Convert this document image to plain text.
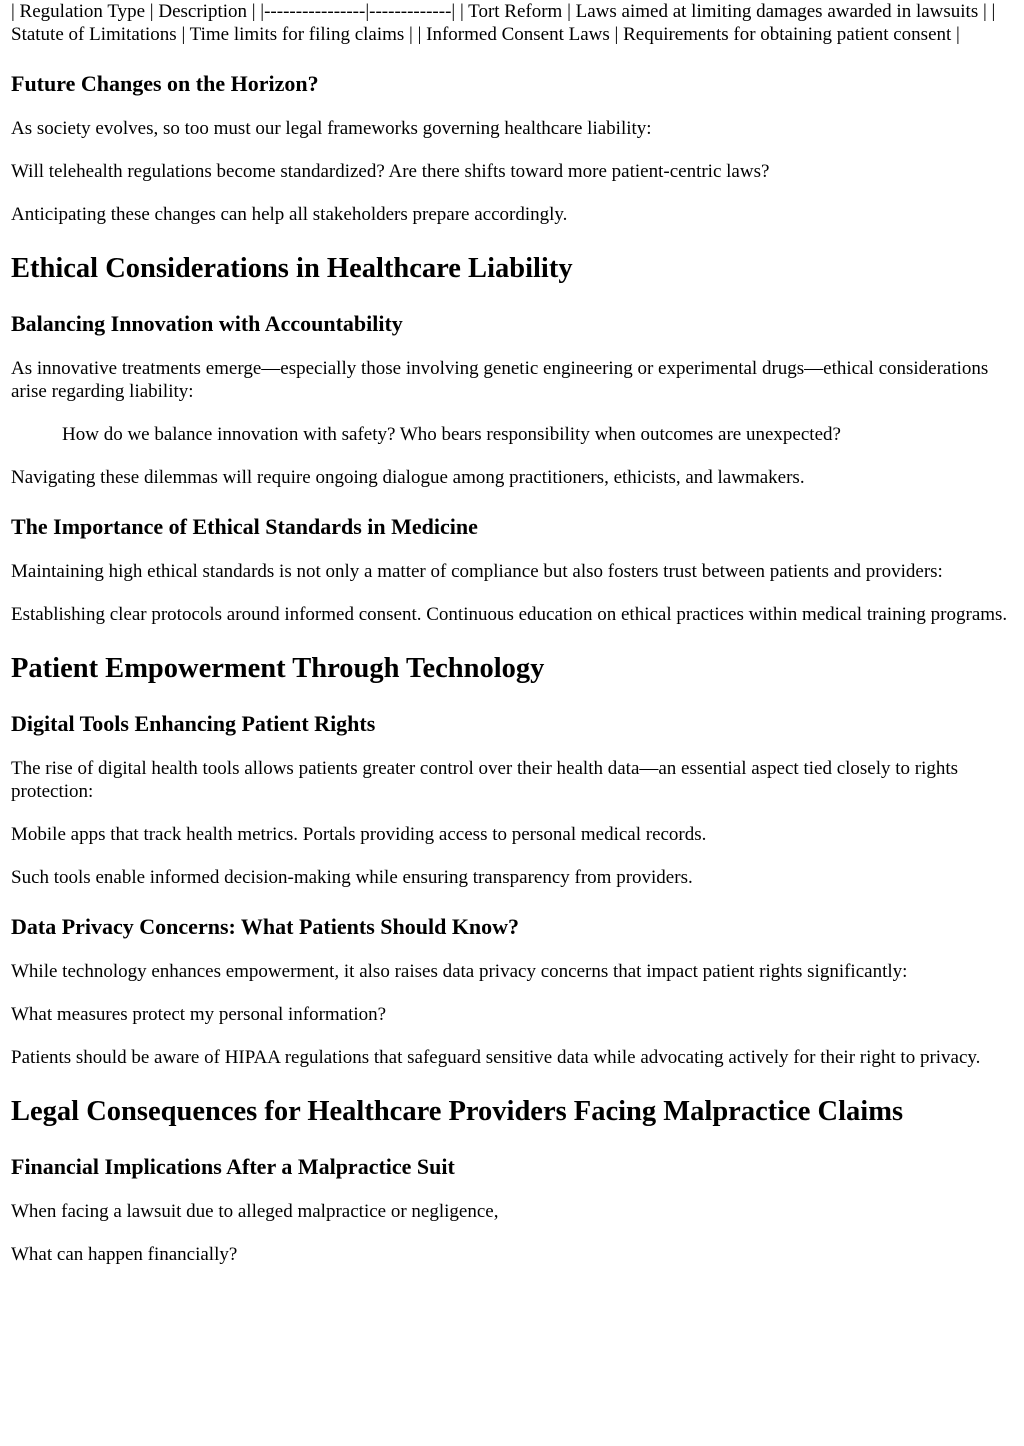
| Regulation Type | Description | |----------------|-------------| | Tort Reform | Laws aimed at limiting damages awarded in lawsuits | | Statute of Limitations | Time limits for filing claims | | Informed Consent Laws | Requirements for obtaining patient consent |

Future Changes on the Horizon?

As society evolves, so too must our legal frameworks governing healthcare liability:

Will telehealth regulations become standardized? Are there shifts toward more patient-centric laws?

Anticipating these changes can help all stakeholders prepare accordingly.

Ethical Considerations in Healthcare Liability
Balancing Innovation with Accountability

As innovative treatments emerge—especially those involving genetic engineering or experimental drugs—ethical considerations arise regarding liability:

How do we balance innovation with safety? Who bears responsibility when outcomes are unexpected?

Navigating these dilemmas will require ongoing dialogue among practitioners, ethicists, and lawmakers.

The Importance of Ethical Standards in Medicine

Maintaining high ethical standards is not only a matter of compliance but also fosters trust between patients and providers:

Establishing clear protocols around informed consent. Continuous education on ethical practices within medical training programs.

Patient Empowerment Through Technology
Digital Tools Enhancing Patient Rights

The rise of digital health tools allows patients greater control over their health data—an essential aspect tied closely to rights protection:

Mobile apps that track health metrics. Portals providing access to personal medical records.

Such tools enable informed decision-making while ensuring transparency from providers.

Data Privacy Concerns: What Patients Should Know?

While technology enhances empowerment, it also raises data privacy concerns that impact patient rights significantly:

What measures protect my personal information?

Patients should be aware of HIPAA regulations that safeguard sensitive data while advocating actively for their right to privacy.

Legal Consequences for Healthcare Providers Facing Malpractice Claims
Financial Implications After a Malpractice Suit

When facing a lawsuit due to alleged malpractice or negligence,

What can happen financially?
